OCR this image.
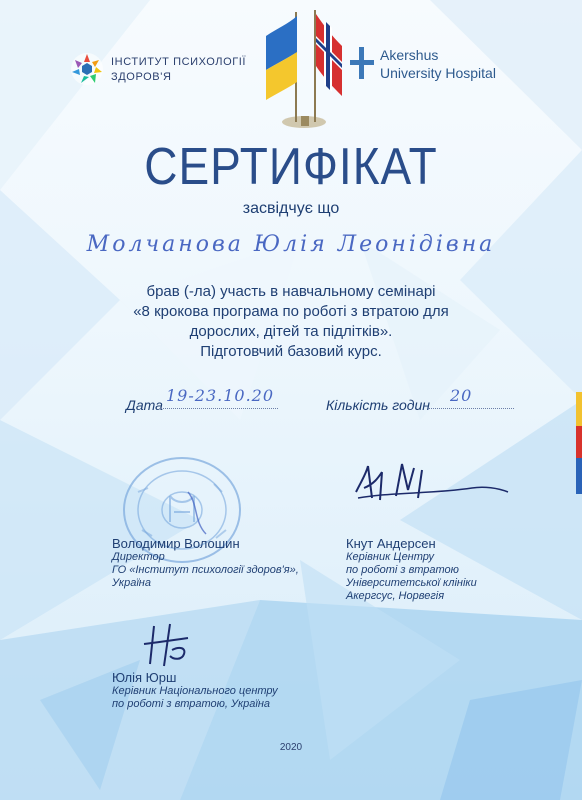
ІНСТИТУТ ПСИХОЛОГІЇ
ЗДОРОВ'Я
Akershus
University Hospital
СЕРТИФІКАТ
засвідчує що
Молчанова Юлія Леонідівна
брав (-ла) участь в навчальному семінарі
«8 крокова програма по роботі з втратою для
дорослих, дітей та підлітків».
Підготовчий базовий курс.
Дата 19-23.10.20	Кількість годин 20
Володимир Волошин
Директор
ГО «Інститут психології здоров'я»,
Україна
Кнут Андерсен
Керівник Центру
по роботі з втратою
Університетської клініки
Акергсус, Норвегія
Юлія Юрш
Керівник Національного центру
по роботі з втратою, Україна
2020
